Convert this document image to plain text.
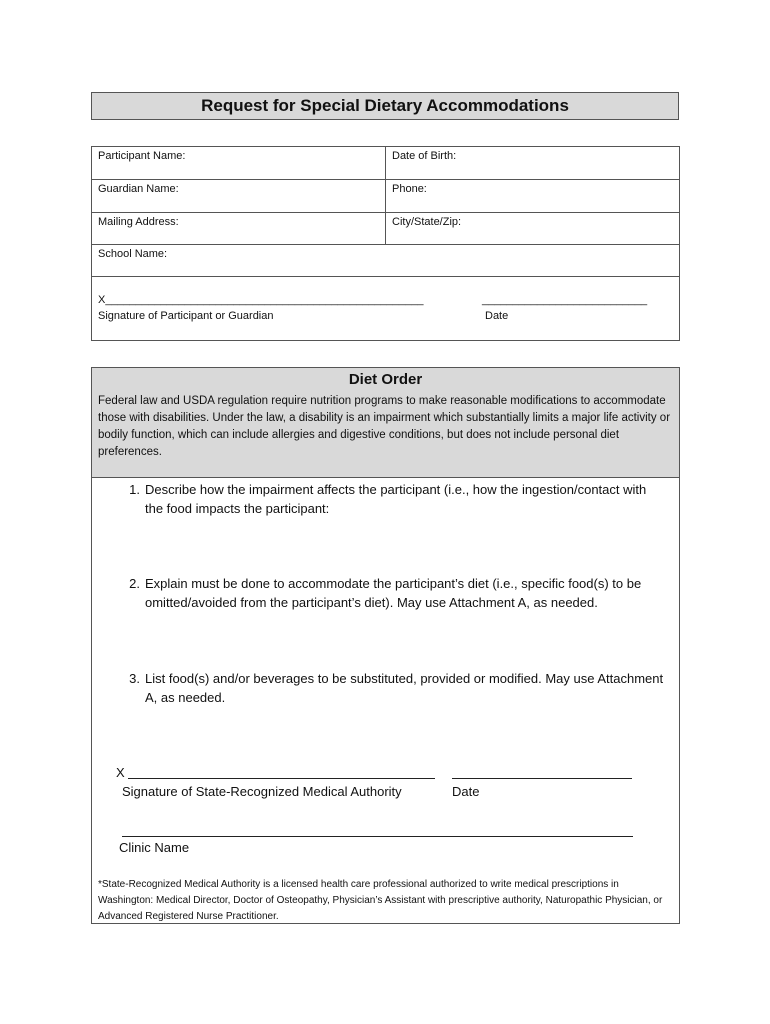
Request for Special Dietary Accommodations
Participant Name:	Date of Birth:
Guardian Name:	Phone:
Mailing Address:	City/State/Zip:
School Name:
X____________________________________________________	___________________________
Signature of Participant or Guardian	Date
Diet Order
Federal law and USDA regulation require nutrition programs to make reasonable modifications to accommodate those with disabilities. Under the law, a disability is an impairment which substantially limits a major life activity or bodily function, which can include allergies and digestive conditions, but does not include personal diet preferences.
1. Describe how the impairment affects the participant (i.e., how the ingestion/contact with the food impacts the participant:
2. Explain must be done to accommodate the participant’s diet (i.e., specific food(s) to be omitted/avoided from the participant’s diet). May use Attachment A, as needed.
3. List food(s) and/or beverages to be substituted, provided or modified. May use Attachment A, as needed.
X
Signature of State-Recognized Medical Authority	Date
Clinic Name
*State-Recognized Medical Authority is a licensed health care professional authorized to write medical prescriptions in Washington: Medical Director, Doctor of Osteopathy, Physician’s Assistant with prescriptive authority, Naturopathic Physician, or Advanced Registered Nurse Practitioner.
